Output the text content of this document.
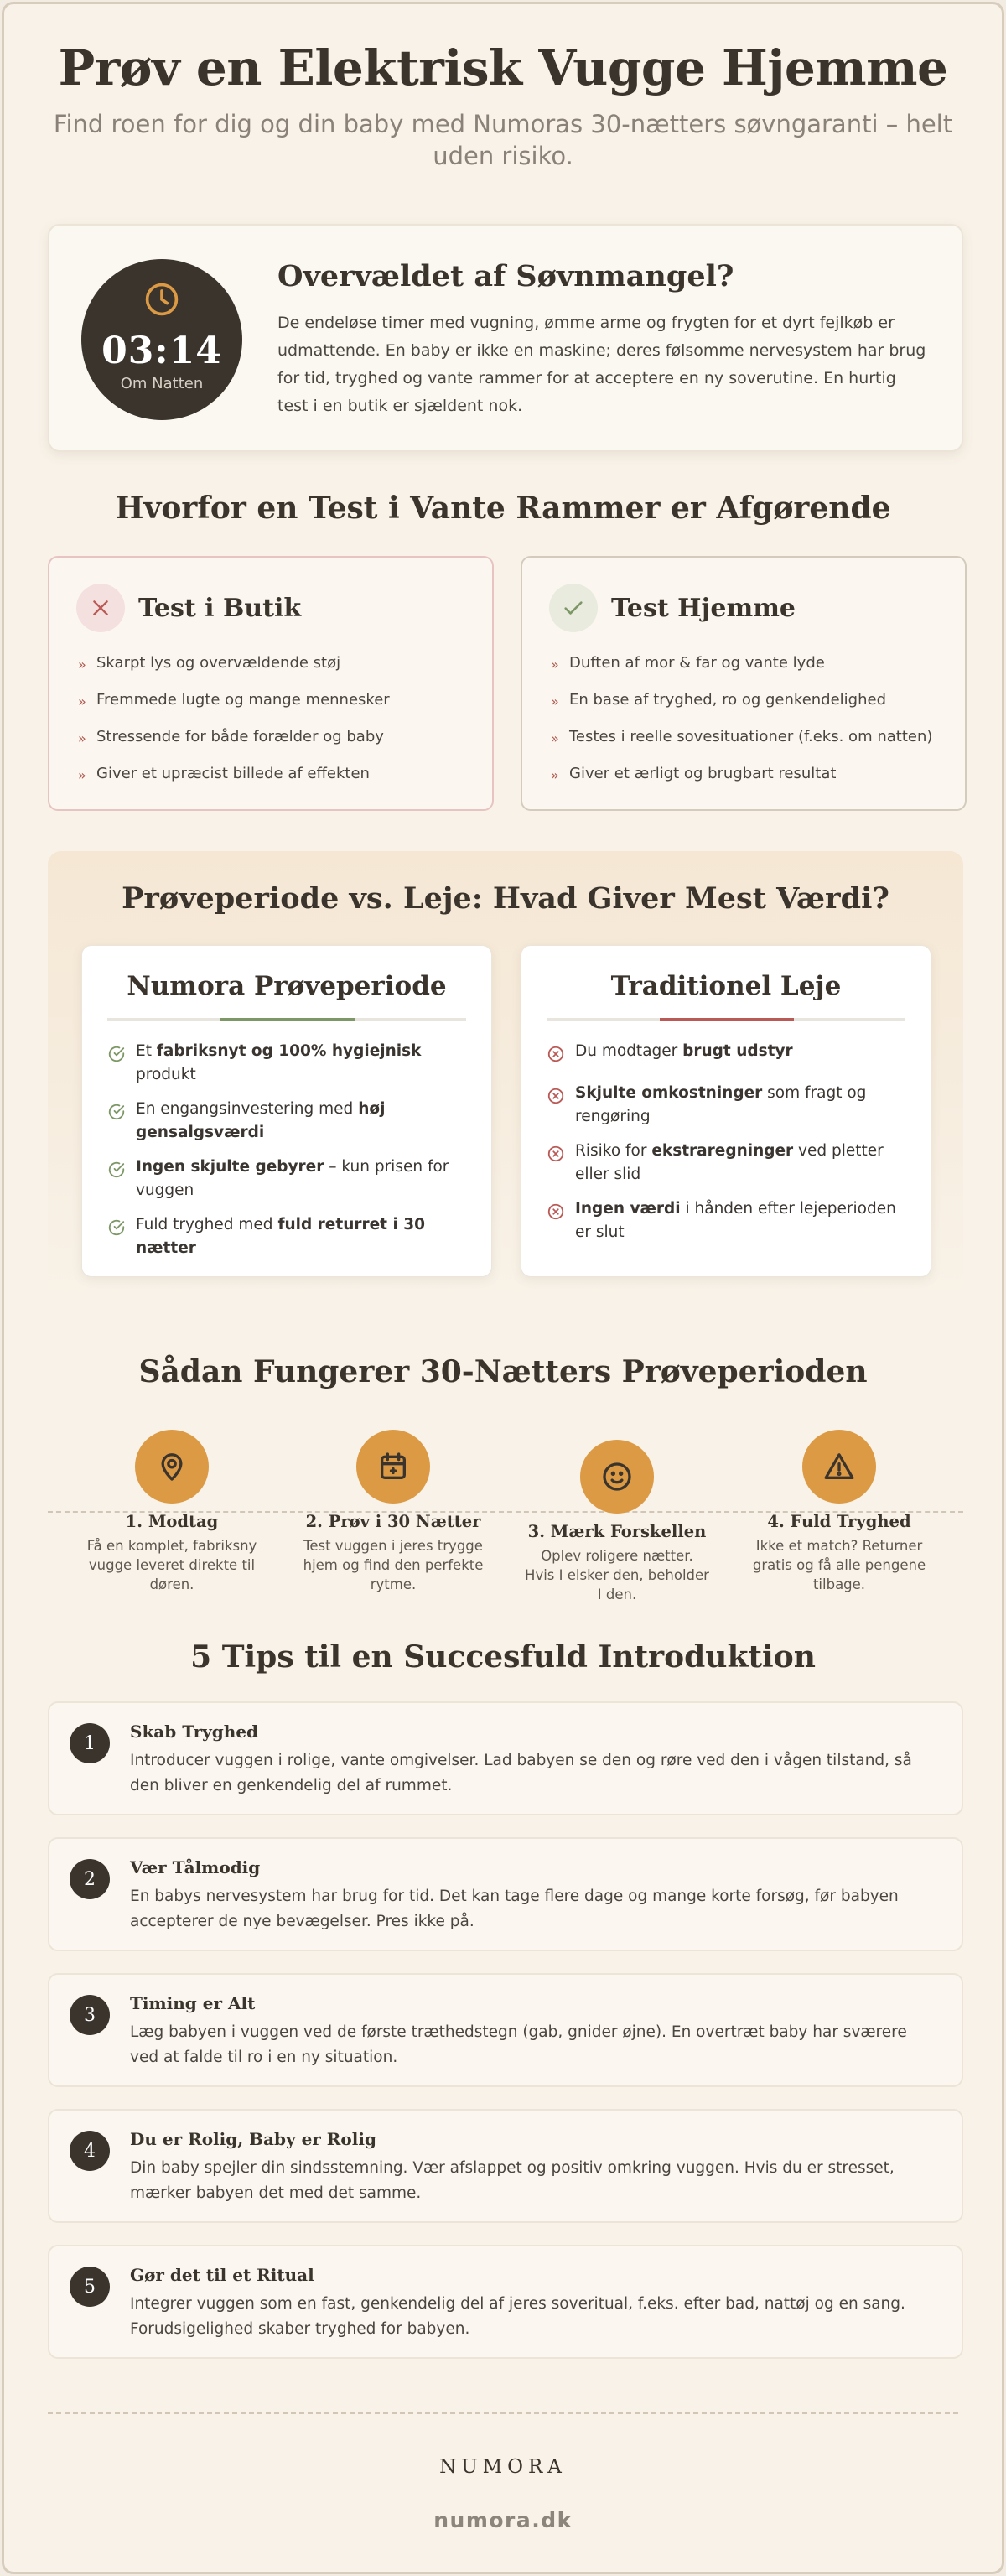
Prøv en Elektrisk Vugge Hjemme

Find roen for dig og din baby med Numoras 30-nætters søvngaranti – helt uden risiko.

03:14
Om Natten
Overvældet af Søvnmangel?

De endeløse timer med vugning, ømme arme og frygten for et dyrt fejlkøb er udmattende. En baby er ikke en maskine; deres følsomme nervesystem har brug for tid, tryghed og vante rammer for at acceptere en ny soverutine. En hurtig test i en butik er sjældent nok.

Hvorfor en Test i Vante Rammer er Afgørende
Test i Butik
» Skarpt lys og overvældende støj
» Fremmede lugte og mange mennesker
» Stressende for både forælder og baby
» Giver et upræcist billede af effekten
Test Hjemme
» Duften af mor & far og vante lyde
» En base af tryghed, ro og genkendelighed
» Testes i reelle sovesituationer (f.eks. om natten)
» Giver et ærligt og brugbart resultat
Prøveperiode vs. Leje: Hvad Giver Mest Værdi?
Numora Prøveperiode
Et fabriksnyt og 100% hygiejnisk produkt
En engangsinvestering med høj gensalgsværdi
Ingen skjulte gebyrer – kun prisen for vuggen
Fuld tryghed med fuld returret i 30 nætter
Traditionel Leje
Du modtager brugt udstyr
Skjulte omkostninger som fragt og rengøring
Risiko for ekstraregninger ved pletter eller slid
Ingen værdi i hånden efter lejeperioden er slut
Sådan Fungerer 30-Nætters Prøveperioden
1. Modtag

Få en komplet, fabriksny vugge leveret direkte til døren.

2. Prøv i 30 Nætter

Test vuggen i jeres trygge hjem og find den perfekte rytme.

3. Mærk Forskellen

Oplev roligere nætter. Hvis I elsker den, beholder I den.

4. Fuld Tryghed

Ikke et match? Returner gratis og få alle pengene tilbage.

5 Tips til en Succesfuld Introduktion
1
Skab Tryghed

Introducer vuggen i rolige, vante omgivelser. Lad babyen se den og røre ved den i vågen tilstand, så den bliver en genkendelig del af rummet.

2
Vær Tålmodig

En babys nervesystem har brug for tid. Det kan tage flere dage og mange korte forsøg, før babyen accepterer de nye bevægelser. Pres ikke på.

3
Timing er Alt

Læg babyen i vuggen ved de første træthedstegn (gab, gnider øjne). En overtræt baby har sværere ved at falde til ro i en ny situation.

4
Du er Rolig, Baby er Rolig

Din baby spejler din sindsstemning. Vær afslappet og positiv omkring vuggen. Hvis du er stresset, mærker babyen det med det samme.

5
Gør det til et Ritual

Integrer vuggen som en fast, genkendelig del af jeres soveritual, f.eks. efter bad, nattøj og en sang. Forudsigelighed skaber tryghed for babyen.

NUMORA
numora.dk
